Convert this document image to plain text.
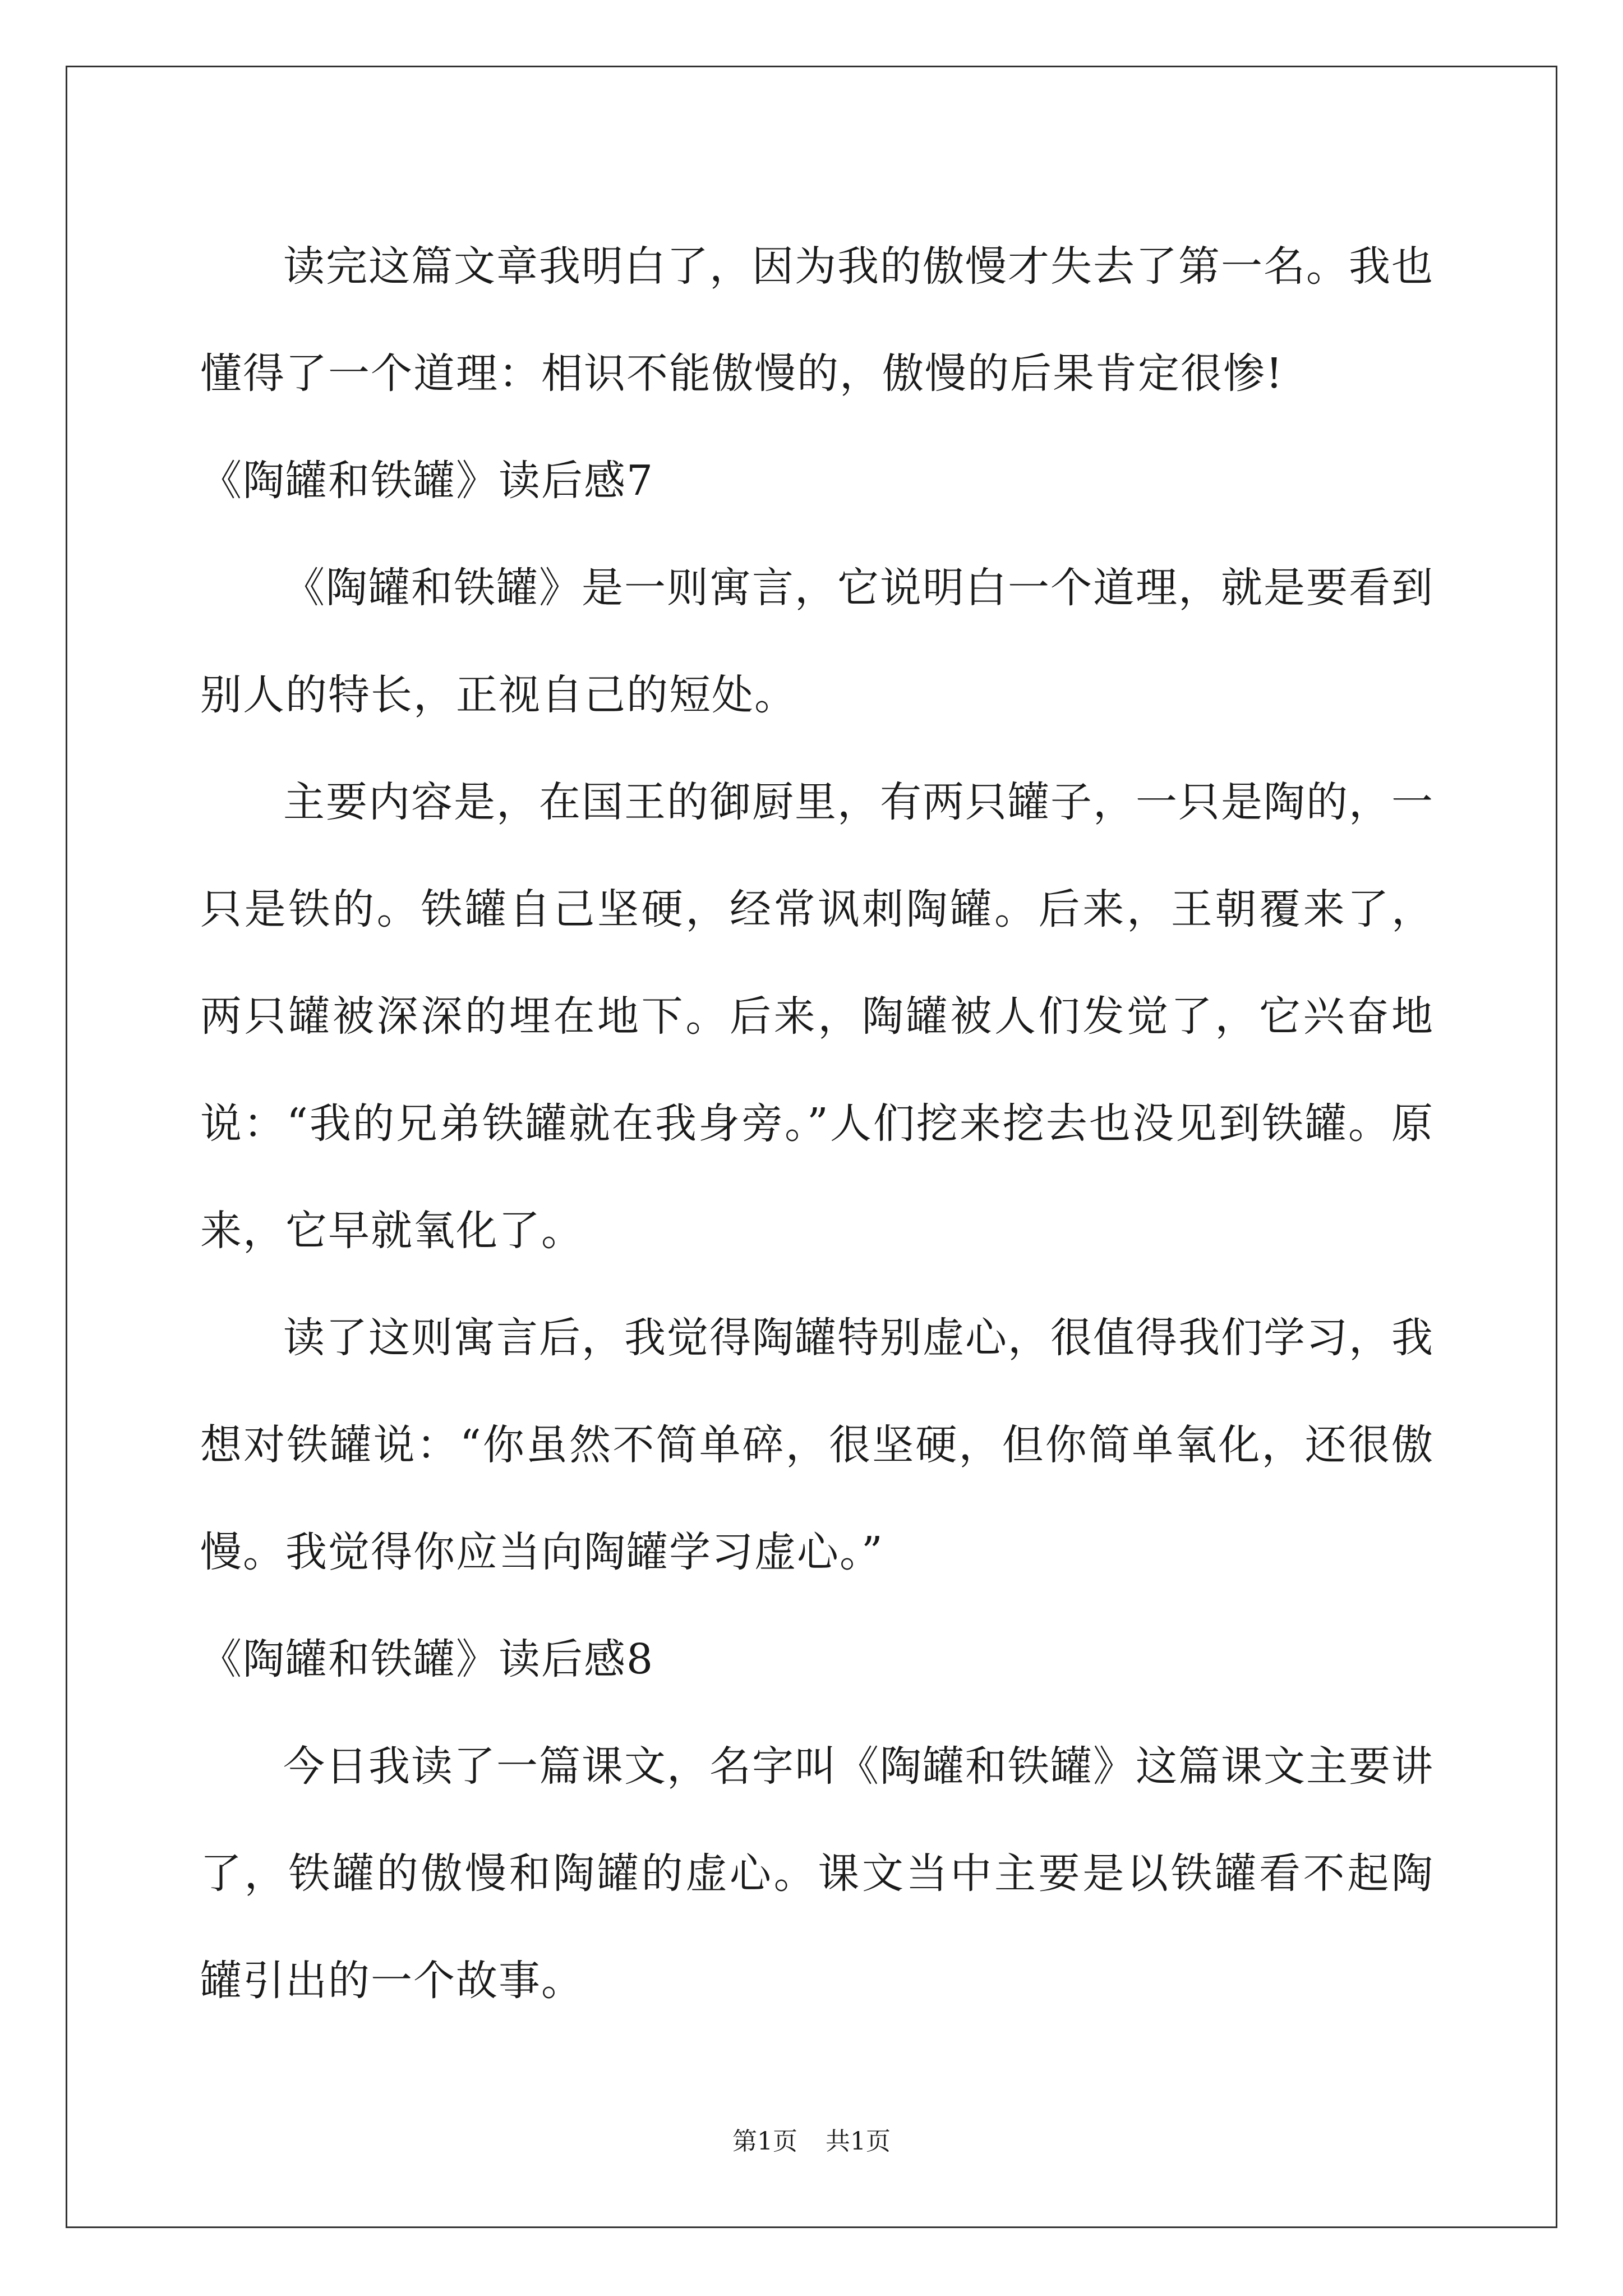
读完这篇文章我明白了，因为我的傲慢才失去了第一名。我也懂得了一个道理：相识不能傲慢的，傲慢的后果肯定很惨!

《陶罐和铁罐》读后感7

《陶罐和铁罐》是一则寓言，它说明白一个道理，就是要看到别人的特长，正视自己的短处。

主要内容是，在国王的御厨里，有两只罐子，一只是陶的，一只是铁的。铁罐自己坚硬，经常讽刺陶罐。后来，王朝覆来了，两只罐被深深的埋在地下。后来，陶罐被人们发觉了，它兴奋地说：“我的兄弟铁罐就在我身旁。”人们挖来挖去也没见到铁罐。原来，它早就氧化了。

读了这则寓言后，我觉得陶罐特别虚心，很值得我们学习，我想对铁罐说：“你虽然不简单碎，很坚硬，但你简单氧化，还很傲慢。我觉得你应当向陶罐学习虚心。”

《陶罐和铁罐》读后感8

今日我读了一篇课文，名字叫《陶罐和铁罐》这篇课文主要讲了，铁罐的傲慢和陶罐的虚心。课文当中主要是以铁罐看不起陶罐引出的一个故事。

第1页 共1页
